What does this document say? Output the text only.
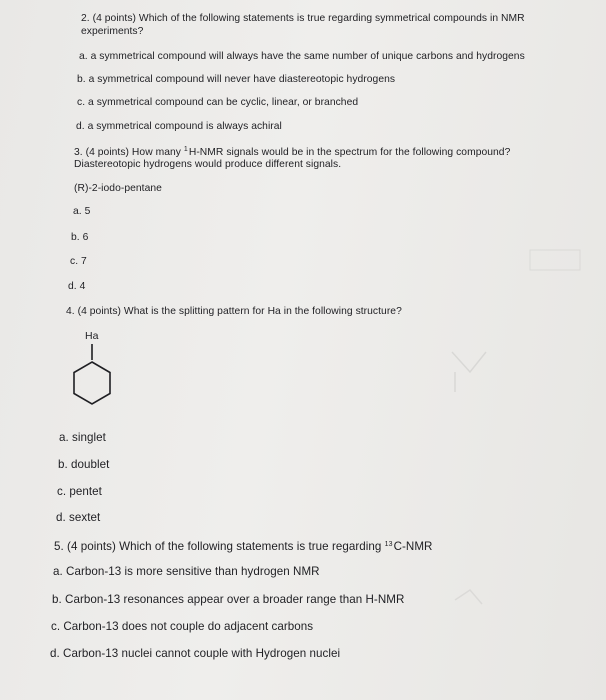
2. (4 points) Which of the following statements is true regarding symmetrical compounds in NMR
experiments?
a. a symmetrical compound will always have the same number of unique carbons and hydrogens
b. a symmetrical compound will never have diastereotopic hydrogens
c. a symmetrical compound can be cyclic, linear, or branched
d. a symmetrical compound is always achiral
3. (4 points) How many $^1$H-NMR signals would be in the spectrum for the following compound?
Diastereotopic hydrogens would produce different signals.
(R)-2-iodo-pentane
a. 5
b. 6
c. 7
d. 4
4. (4 points) What is the splitting pattern for Ha in the following structure?
Ha
a. singlet
b. doublet
c. pentet
d. sextet
5. (4 points) Which of the following statements is true regarding $^{13}$C-NMR
a. Carbon-13 is more sensitive than hydrogen NMR
b. Carbon-13 resonances appear over a broader range than H-NMR
c. Carbon-13 does not couple do adjacent carbons
d. Carbon-13 nuclei cannot couple with Hydrogen nuclei
